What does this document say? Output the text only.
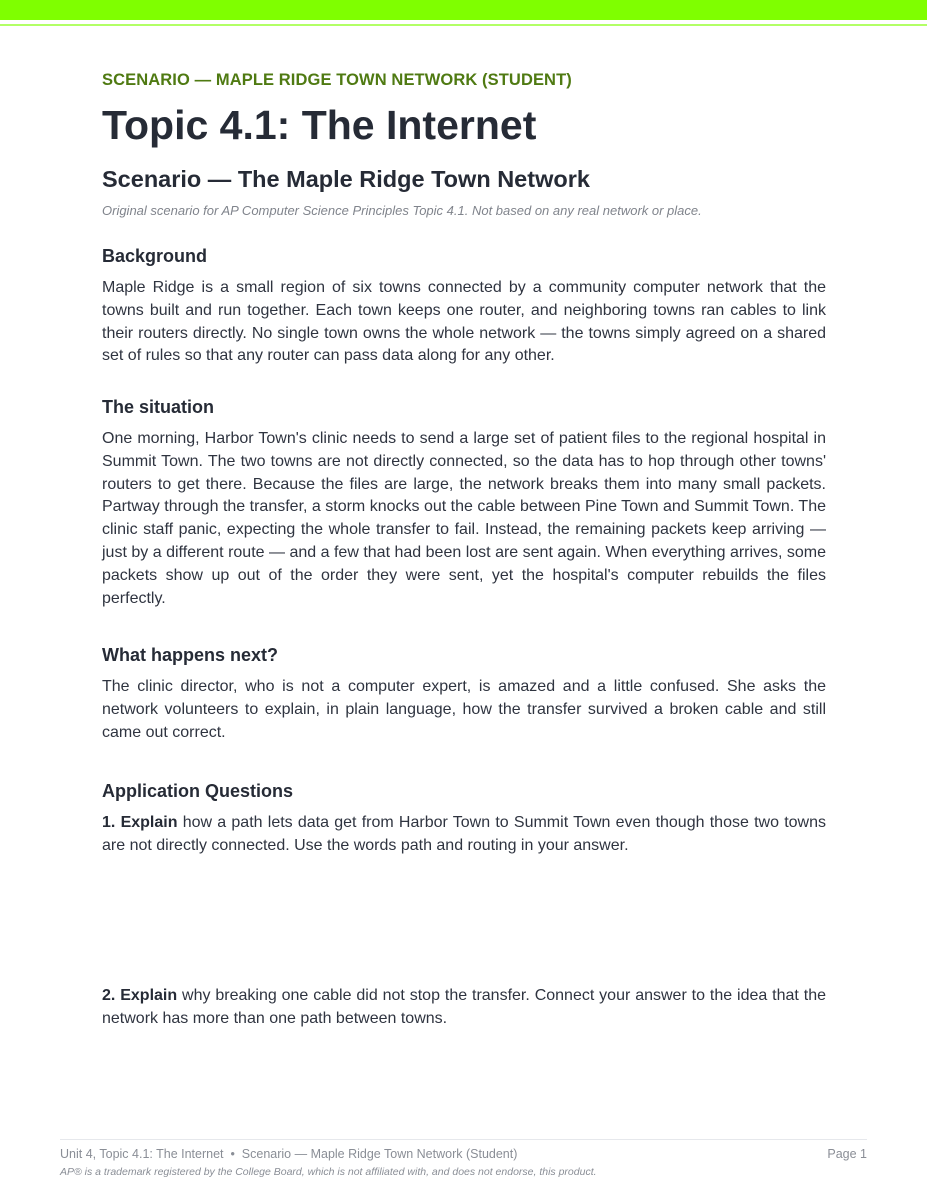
SCENARIO — MAPLE RIDGE TOWN NETWORK (STUDENT)
Topic 4.1: The Internet
Scenario — The Maple Ridge Town Network
Original scenario for AP Computer Science Principles Topic 4.1. Not based on any real network or place.
Background

Maple Ridge is a small region of six towns connected by a community computer network that the towns built and run together. Each town keeps one router, and neighboring towns ran cables to link their routers directly. No single town owns the whole network — the towns simply agreed on a shared set of rules so that any router can pass data along for any other.

The situation

One morning, Harbor Town's clinic needs to send a large set of patient files to the regional hospital in Summit Town. The two towns are not directly connected, so the data has to hop through other towns' routers to get there. Because the files are large, the network breaks them into many small packets. Partway through the transfer, a storm knocks out the cable between Pine Town and Summit Town. The clinic staff panic, expecting the whole transfer to fail. Instead, the remaining packets keep arriving — just by a different route — and a few that had been lost are sent again. When everything arrives, some packets show up out of the order they were sent, yet the hospital's computer rebuilds the files perfectly.

What happens next?

The clinic director, who is not a computer expert, is amazed and a little confused. She asks the network volunteers to explain, in plain language, how the transfer survived a broken cable and still came out correct.

Application Questions

1. Explain how a path lets data get from Harbor Town to Summit Town even though those two towns are not directly connected. Use the words path and routing in your answer.

2. Explain why breaking one cable did not stop the transfer. Connect your answer to the idea that the network has more than one path between towns.

Unit 4, Topic 4.1: The Internet  •  Scenario — Maple Ridge Town Network (Student)	Page 1
AP® is a trademark registered by the College Board, which is not affiliated with, and does not endorse, this product.
